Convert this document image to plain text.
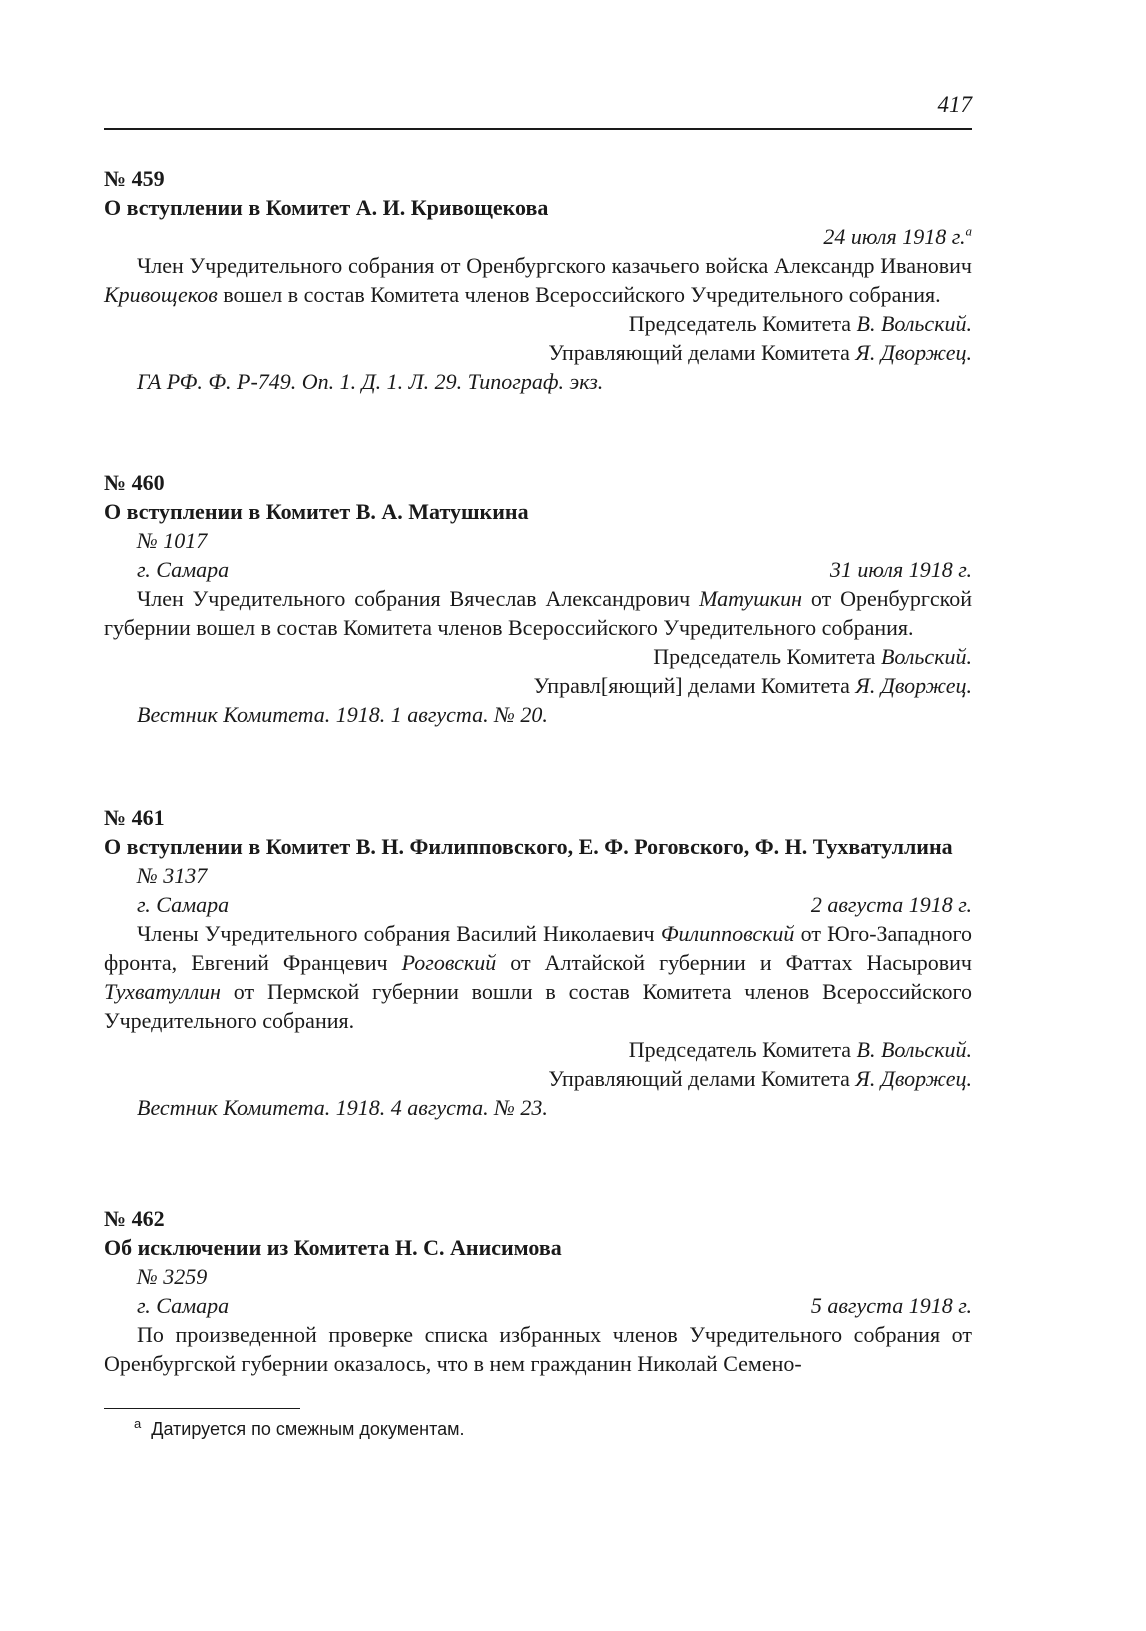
417
№ 459
О вступлении в Комитет А. И. Кривощекова
24 июля 1918 г.$^а$
Член Учредительного собрания от Оренбургского казачьего войска Александр Иванович Кривощеков вошел в состав Комитета членов Всероссийского Учредительного собрания.
Председатель Комитета В. Вольский.
Управляющий делами Комитета Я. Дворжец.
ГА РФ. Ф. Р-749. Оп. 1. Д. 1. Л. 29. Типограф. экз.
№ 460
О вступлении в Комитет В. А. Матушкина
№ 1017
г. Самара	31 июля 1918 г.
Член Учредительного собрания Вячеслав Александрович Матушкин от Оренбургской губернии вошел в состав Комитета членов Всероссийского Учредительного собрания.
Председатель Комитета Вольский.
Управл[яющий] делами Комитета Я. Дворжец.
Вестник Комитета. 1918. 1 августа. № 20.
№ 461
О вступлении в Комитет В. Н. Филипповского, Е. Ф. Роговского, Ф. Н. Тухватуллина
№ 3137
г. Самара	2 августа 1918 г.
Члены Учредительного собрания Василий Николаевич Филипповский от Юго-Западного фронта, Евгений Францевич Роговский от Алтайской губернии и Фаттах Насырович Тухватуллин от Пермской губернии вошли в состав Комитета членов Всероссийского Учредительного собрания.
Председатель Комитета В. Вольский.
Управляющий делами Комитета Я. Дворжец.
Вестник Комитета. 1918. 4 августа. № 23.
№ 462
Об исключении из Комитета Н. С. Анисимова
№ 3259
г. Самара	5 августа 1918 г.
По произведенной проверке списка избранных членов Учредительного собрания от Оренбургской губернии оказалось, что в нем гражданин Николай Семено-
$^а$ Датируется по смежным документам.
